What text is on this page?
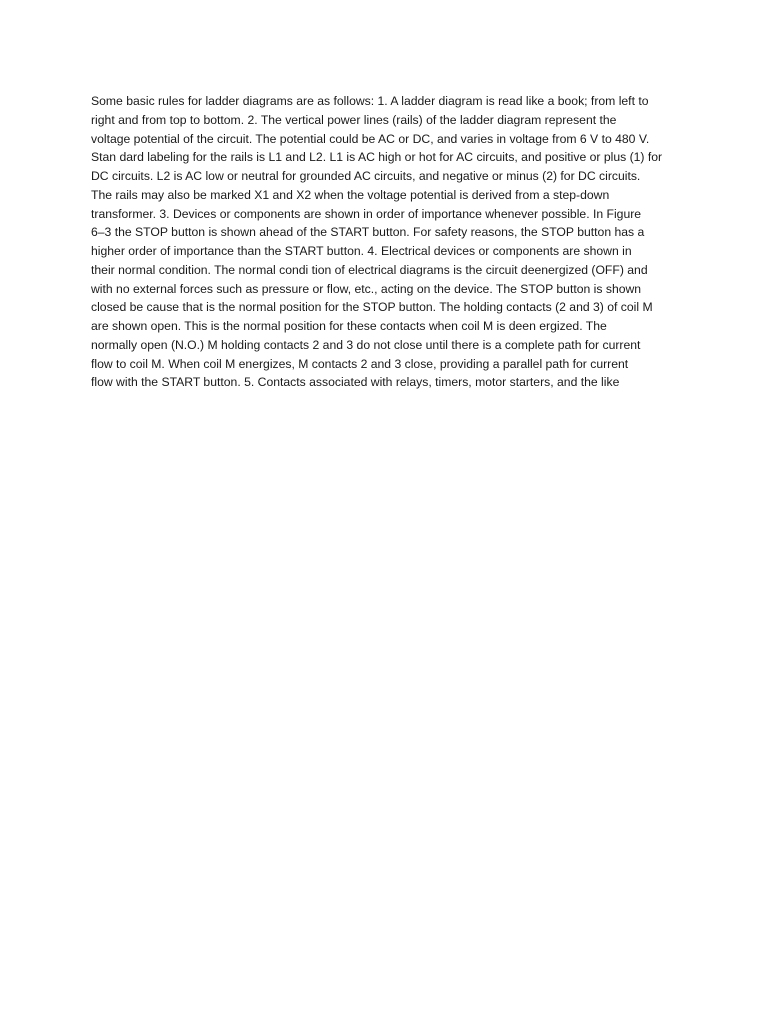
Some basic rules for ladder diagrams are as follows: 1. A ladder diagram is read like a book; from left to
right and from top to bottom. 2. The vertical power lines (rails) of the ladder diagram represent the
voltage potential of the circuit. The potential could be AC or DC, and varies in voltage from 6 V to 480 V.
Stan dard labeling for the rails is L1 and L2. L1 is AC high or hot for AC circuits, and positive or plus (1) for
DC circuits. L2 is AC low or neutral for grounded AC circuits, and negative or minus (2) for DC circuits.
The rails may also be marked X1 and X2 when the voltage potential is derived from a step-down
transformer. 3. Devices or components are shown in order of importance whenever possible. In Figure
6–3 the STOP button is shown ahead of the START button. For safety reasons, the STOP button has a
higher order of importance than the START button. 4. Electrical devices or components are shown in
their normal condition. The normal condi tion of electrical diagrams is the circuit deenergized (OFF) and
with no external forces such as pressure or flow, etc., acting on the device. The STOP button is shown
closed be cause that is the normal position for the STOP button. The holding contacts (2 and 3) of coil M
are shown open. This is the normal position for these contacts when coil M is deen ergized. The
normally open (N.O.) M holding contacts 2 and 3 do not close until there is a complete path for current
flow to coil M. When coil M energizes, M contacts 2 and 3 close, providing a parallel path for current
flow with the START button. 5. Contacts associated with relays, timers, motor starters, and the like
